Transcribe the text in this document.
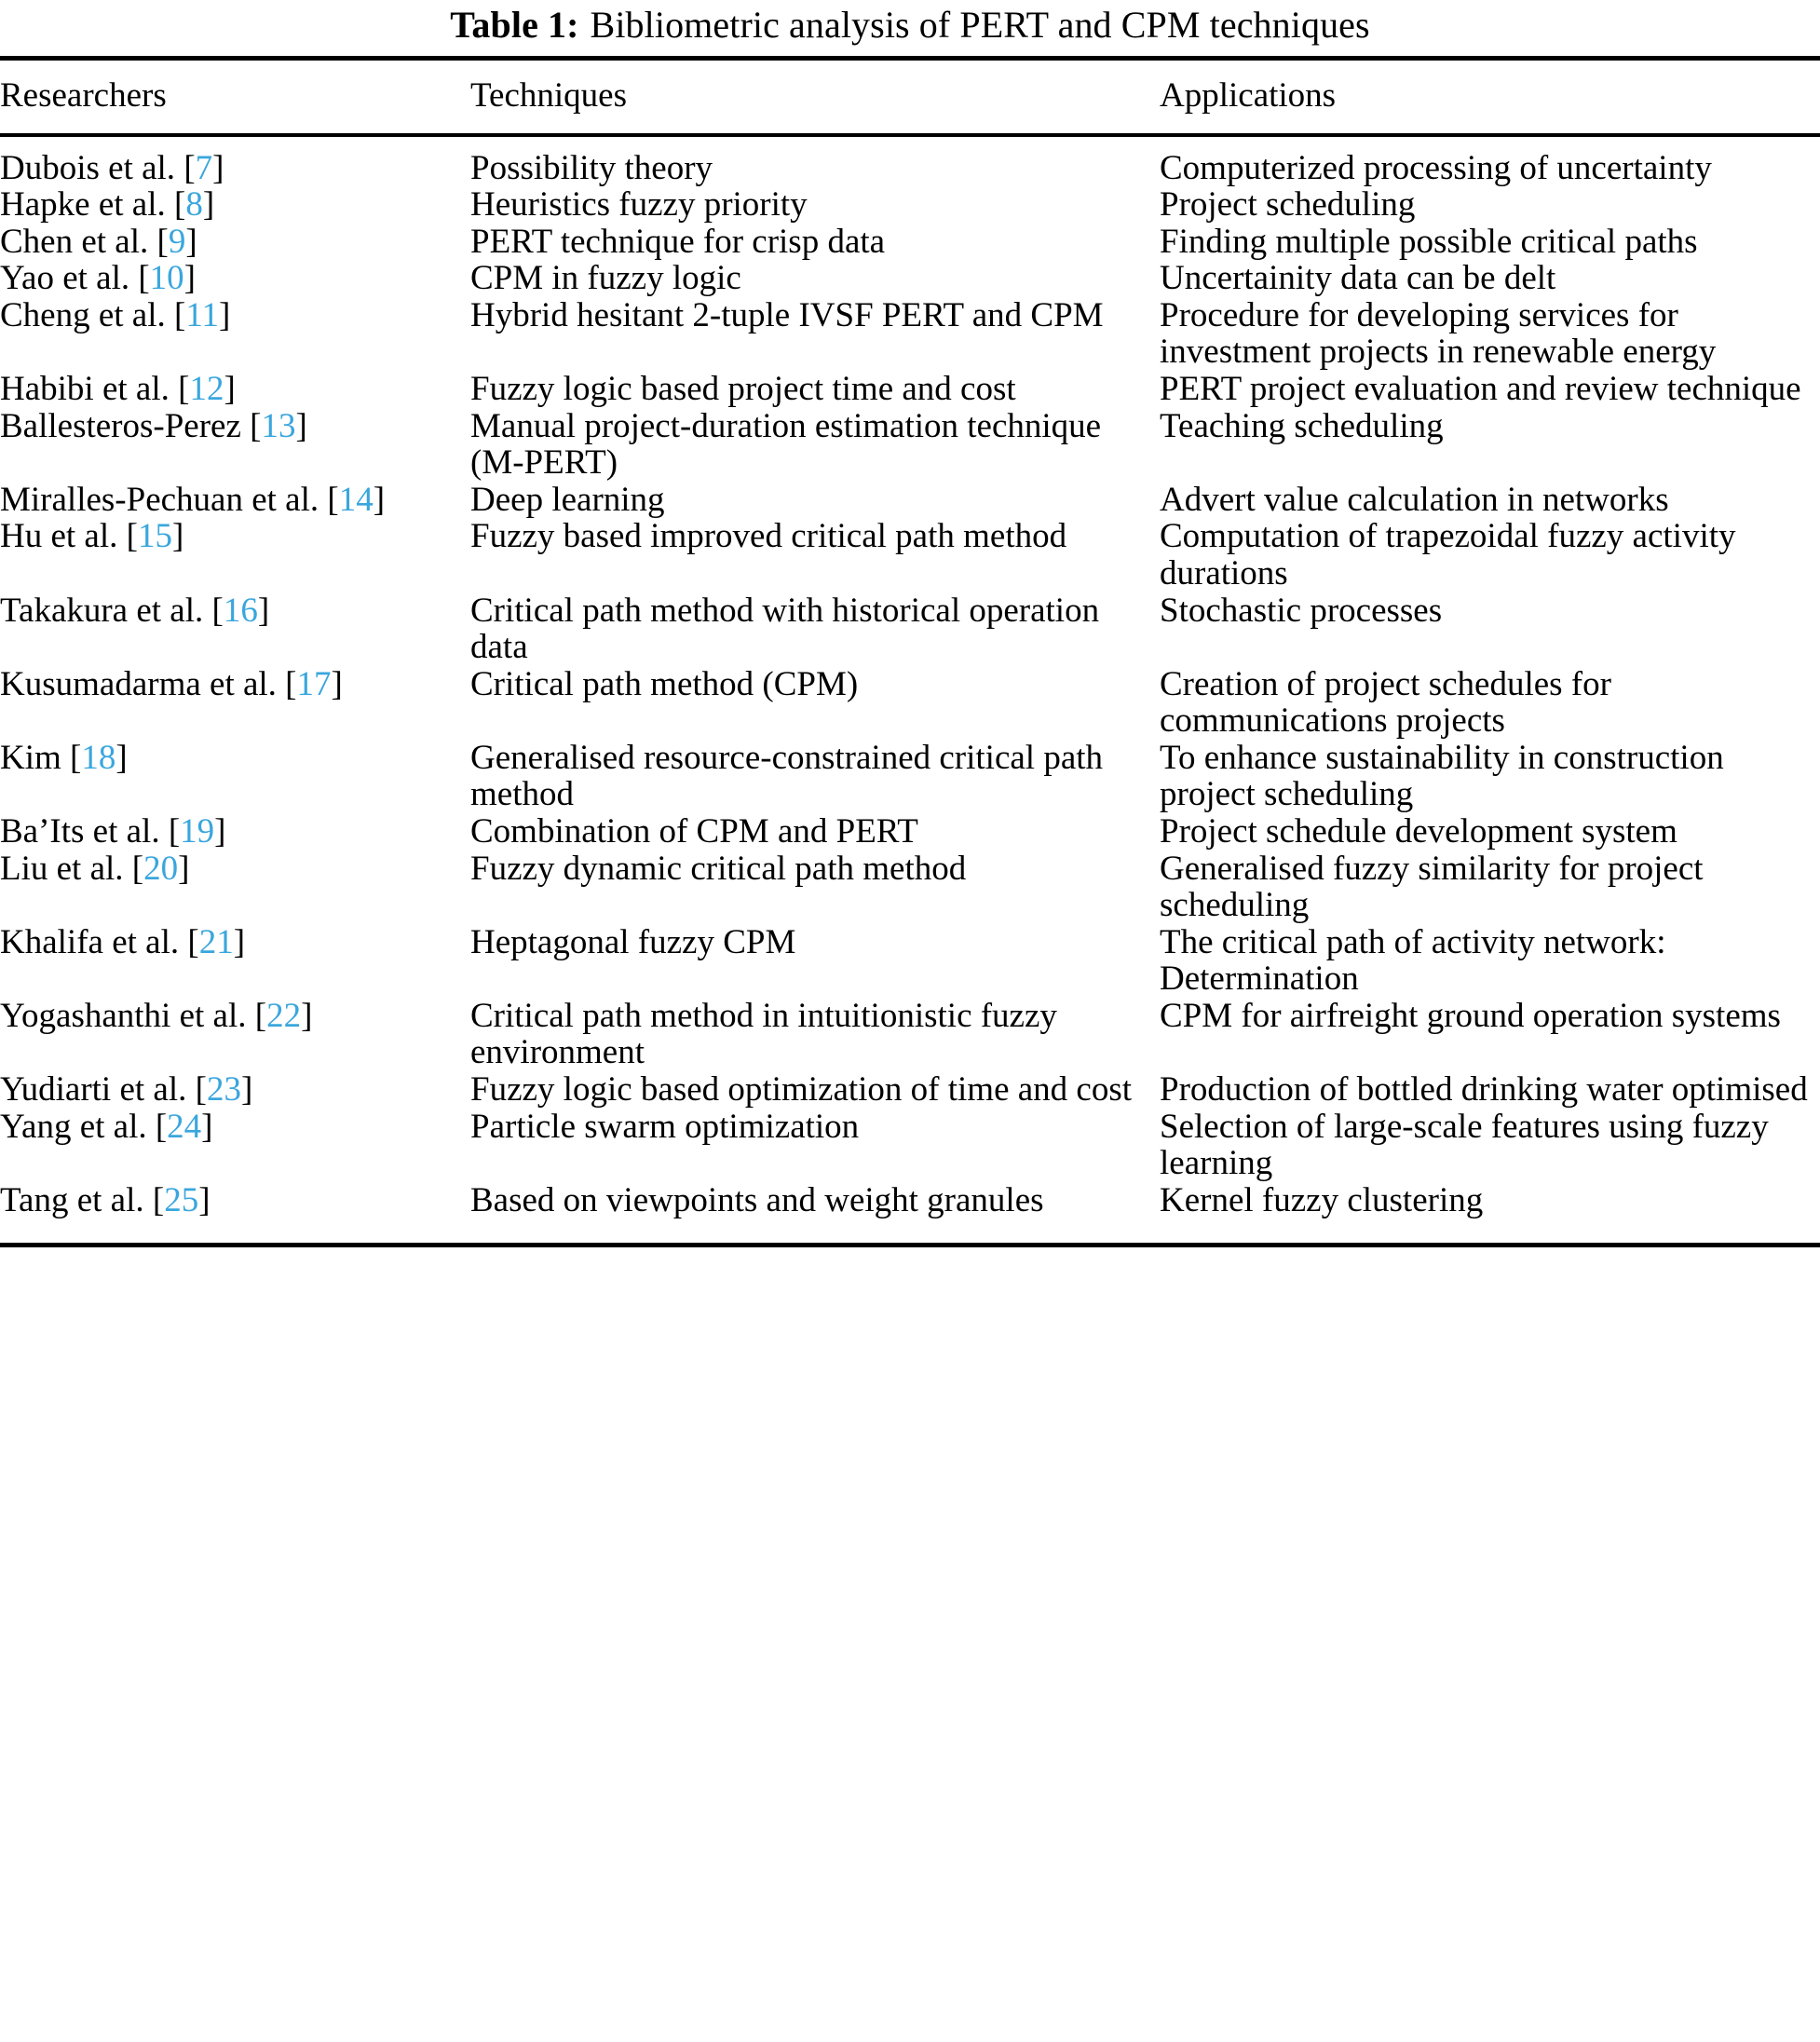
Table 1: Bibliometric analysis of PERT and CPM techniques
Researchers	Techniques	Applications
Dubois et al. [7]	Possibility theory	Computerized processing of uncertainty
Hapke et al. [8]	Heuristics fuzzy priority	Project scheduling
Chen et al. [9]	PERT technique for crisp data	Finding multiple possible critical paths
Yao et al. [10]	CPM in fuzzy logic	Uncertainity data can be delt
Cheng et al. [11]	Hybrid hesitant 2-tuple IVSF PERT and CPM	Procedure for developing services for investment projects in renewable energy
Habibi et al. [12]	Fuzzy logic based project time and cost	PERT project evaluation and review technique
Ballesteros-Perez [13]	Manual project-duration estimation technique (M-PERT)	Teaching scheduling
Miralles-Pechuan et al. [14]	Deep learning	Advert value calculation in networks
Hu et al. [15]	Fuzzy based improved critical path method	Computation of trapezoidal fuzzy activity durations
Takakura et al. [16]	Critical path method with historical operation data	Stochastic processes
Kusumadarma et al. [17]	Critical path method (CPM)	Creation of project schedules for communications projects
Kim [18]	Generalised resource-constrained critical path method	To enhance sustainability in construction project scheduling
Ba’Its et al. [19]	Combination of CPM and PERT	Project schedule development system
Liu et al. [20]	Fuzzy dynamic critical path method	Generalised fuzzy similarity for project scheduling
Khalifa et al. [21]	Heptagonal fuzzy CPM	The critical path of activity network: Determination
Yogashanthi et al. [22]	Critical path method in intuitionistic fuzzy environment	CPM for airfreight ground operation systems
Yudiarti et al. [23]	Fuzzy logic based optimization of time and cost	Production of bottled drinking water optimised
Yang et al. [24]	Particle swarm optimization	Selection of large-scale features using fuzzy learning
Tang et al. [25]	Based on viewpoints and weight granules	Kernel fuzzy clustering
